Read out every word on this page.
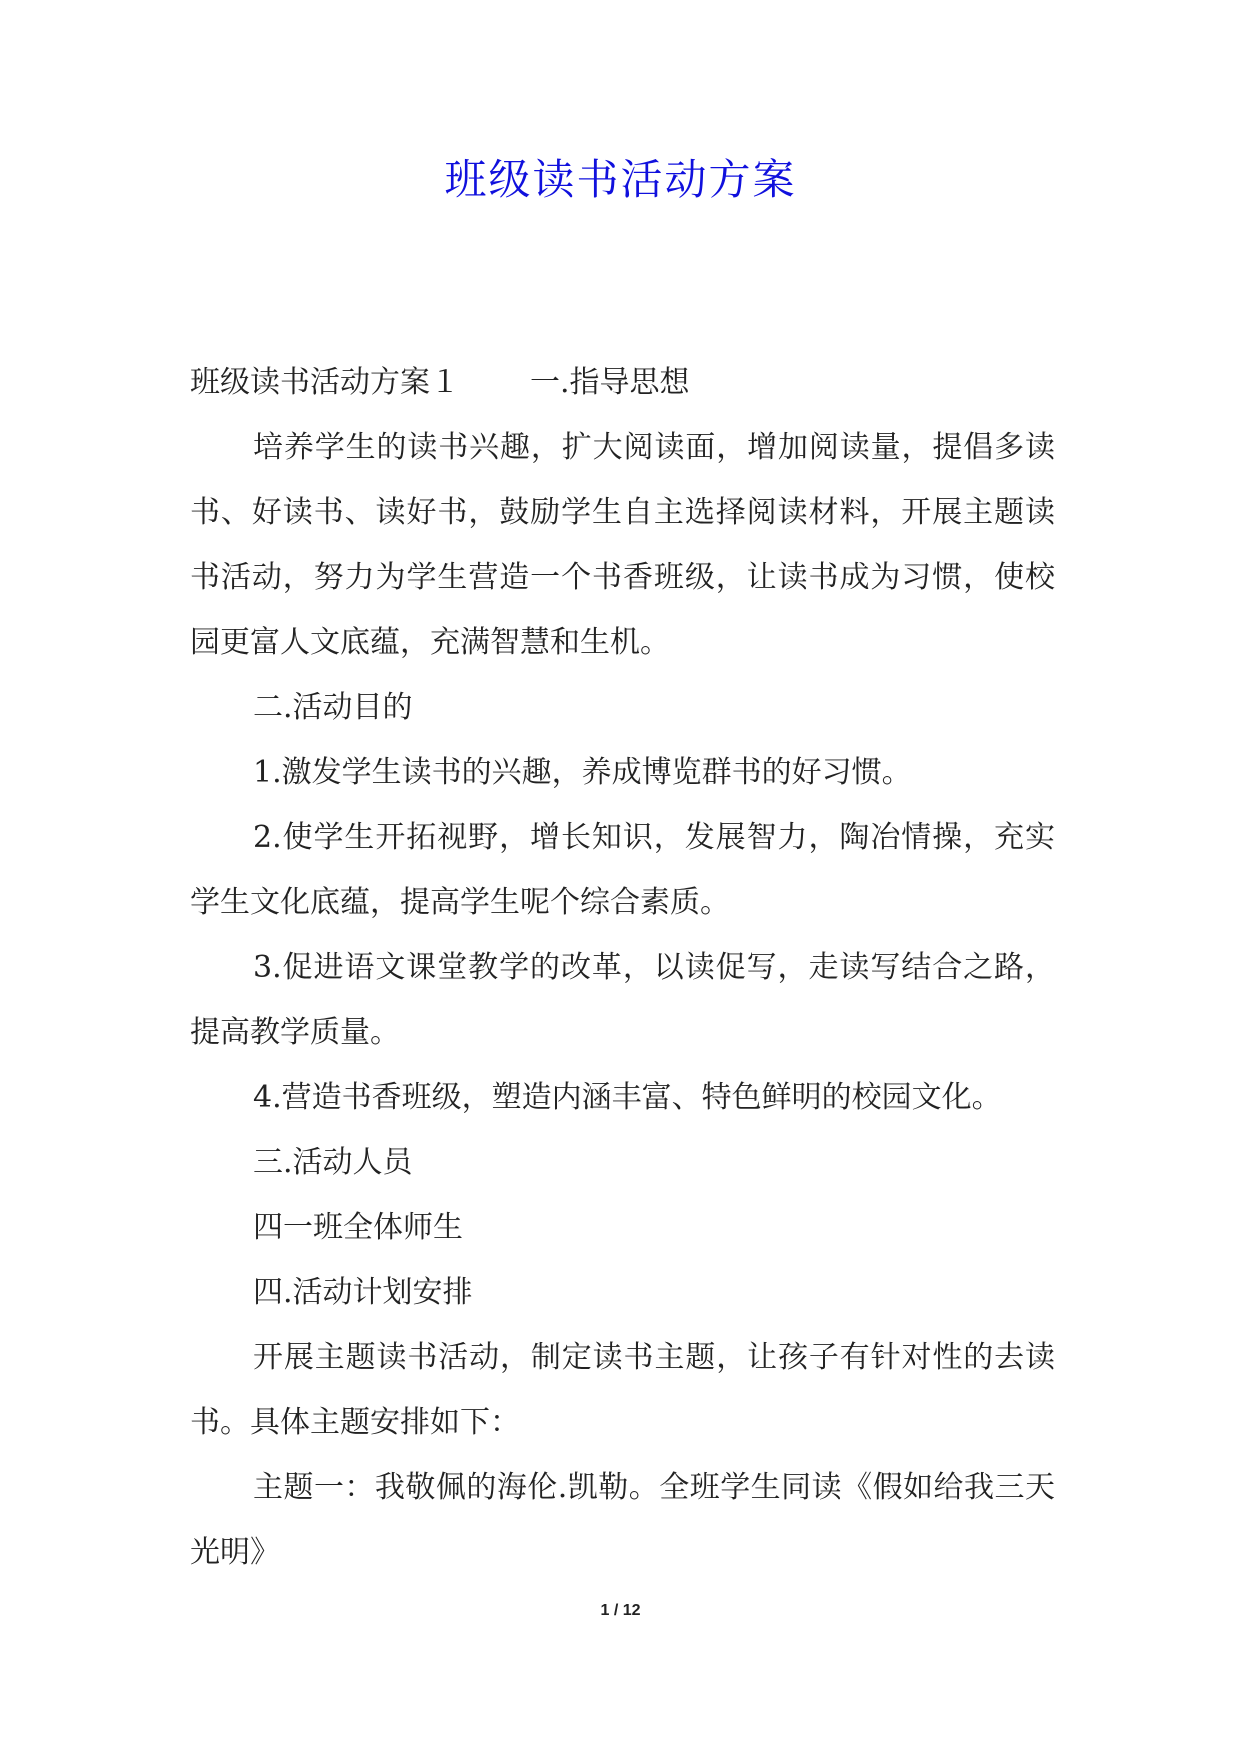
班级读书活动方案

班级读书活动方案１ 一.指导思想

培养学生的读书兴趣，扩大阅读面，增加阅读量，提倡多读书、好读书、读好书，鼓励学生自主选择阅读材料，开展主题读书活动，努力为学生营造一个书香班级，让读书成为习惯，使校园更富人文底蕴，充满智慧和生机。

二.活动目的

1.激发学生读书的兴趣，养成博览群书的好习惯。

2.使学生开拓视野，增长知识，发展智力，陶冶情操，充实学生文化底蕴，提高学生呢个综合素质。

3.促进语文课堂教学的改革，以读促写，走读写结合之路，提高教学质量。

4.营造书香班级，塑造内涵丰富、特色鲜明的校园文化。

三.活动人员

四一班全体师生

四.活动计划安排

开展主题读书活动，制定读书主题，让孩子有针对性的去读书。具体主题安排如下：

主题一：我敬佩的海伦.凯勒。全班学生同读《假如给我三天光明》

1 / 12
